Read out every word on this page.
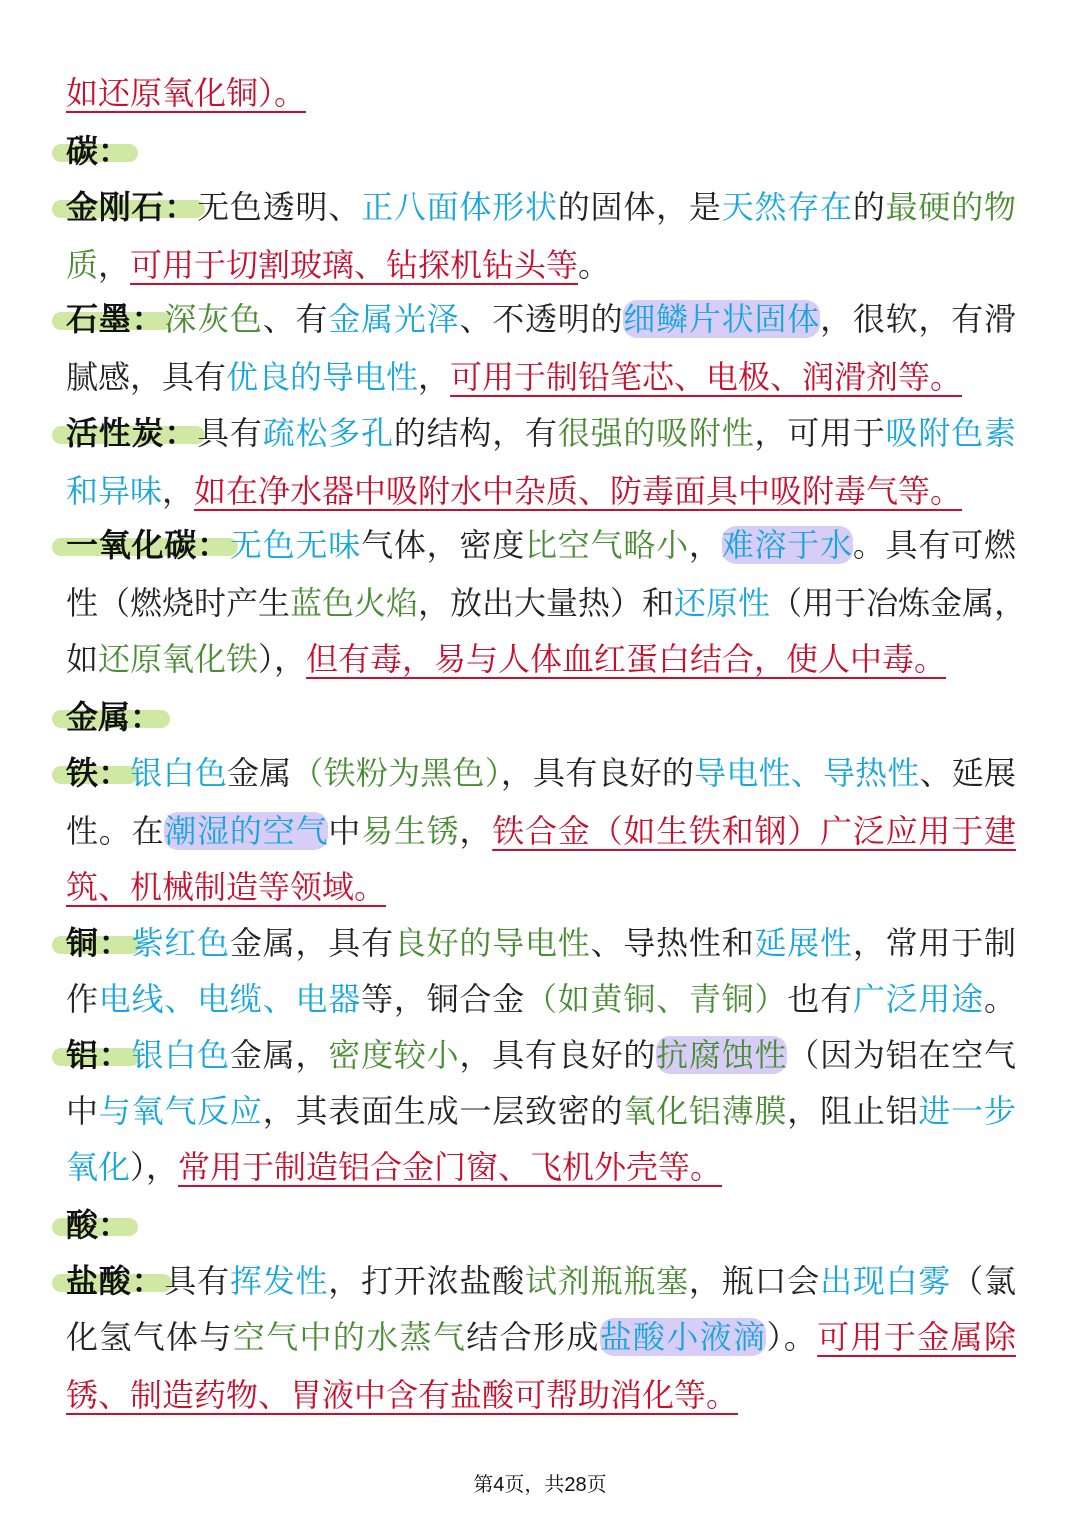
第4页，共28页
如还原氧化铜）。
碳：
金刚石：无色透明、正八面体形状的固体，是天然存在的最硬的物
质，可用于切割玻璃、钻探机钻头等。
石墨：深灰色、有金属光泽、不透明的细鳞片状固体，很软，有滑
腻感，具有优良的导电性，可用于制铅笔芯、电极、润滑剂等。
活性炭：具有疏松多孔的结构，有很强的吸附性，可用于吸附色素
和异味，如在净水器中吸附水中杂质、防毒面具中吸附毒气等。
一氧化碳：无色无味气体，密度比空气略小，难溶于水。具有可燃
性（燃烧时产生蓝色火焰，放出大量热）和还原性（用于冶炼金属，
如还原氧化铁），但有毒，易与人体血红蛋白结合，使人中毒。
金属：
铁：银白色金属（铁粉为黑色），具有良好的导电性、导热性、延展
性。在潮湿的空气中易生锈，铁合金（如生铁和钢）广泛应用于建
筑、机械制造等领域。
铜：紫红色金属，具有良好的导电性、导热性和延展性，常用于制
作电线、电缆、电器等，铜合金（如黄铜、青铜）也有广泛用途。
铝：银白色金属，密度较小，具有良好的抗腐蚀性（因为铝在空气
中与氧气反应，其表面生成一层致密的氧化铝薄膜，阻止铝进一步
氧化），常用于制造铝合金门窗、飞机外壳等。
酸：
盐酸：具有挥发性，打开浓盐酸试剂瓶瓶塞，瓶口会出现白雾（氯
化氢气体与空气中的水蒸气结合形成盐酸小液滴）。可用于金属除
锈、制造药物、胃液中含有盐酸可帮助消化等。
